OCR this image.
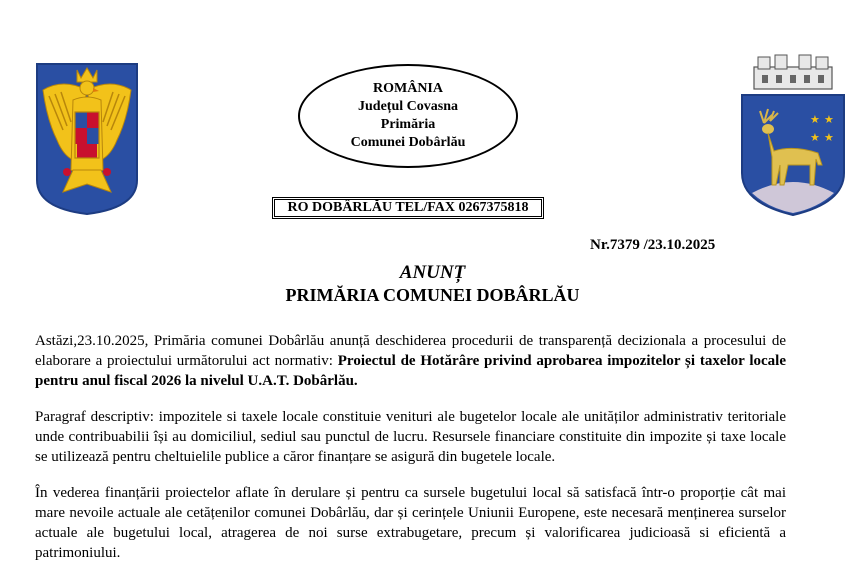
ROMÂNIA
Județul Covasna
Primăria
Comunei Dobârlău
★ ★
★ ★
RO DOBÂRLĂU TEL/FAX 0267375818
Nr.7379 /23.10.2025
ANUNȚ
PRIMĂRIA COMUNEI DOBÂRLĂU
Astăzi,23.10.2025, Primăria comunei Dobârlău anunță deschiderea procedurii de transparență decizionala a procesului de elaborare a proiectului următorului act normativ: Proiectul de Hotărâre privind aprobarea impozitelor și taxelor locale pentru anul fiscal 2026 la nivelul U.A.T. Dobârlău.
Paragraf descriptiv: impozitele si taxele locale constituie venituri ale bugetelor locale ale unităților administrativ teritoriale unde contribuabilii își au domiciliul, sediul sau punctul de lucru. Resursele financiare constituite din impozite și taxe locale se utilizează pentru cheltuielile publice a căror finanțare se asigură din bugetele locale.
În vederea finanțării proiectelor aflate în derulare și pentru ca sursele bugetului local să satisfacă într-o proporție cât mai mare nevoile actuale ale cetățenilor comunei Dobârlău, dar și cerințele Uniunii Europene, este necesară menținerea surselor actuale ale bugetului local, atragerea de noi surse extrabugetare, precum și valorificarea judicioasă si eficientă a patrimoniului.
